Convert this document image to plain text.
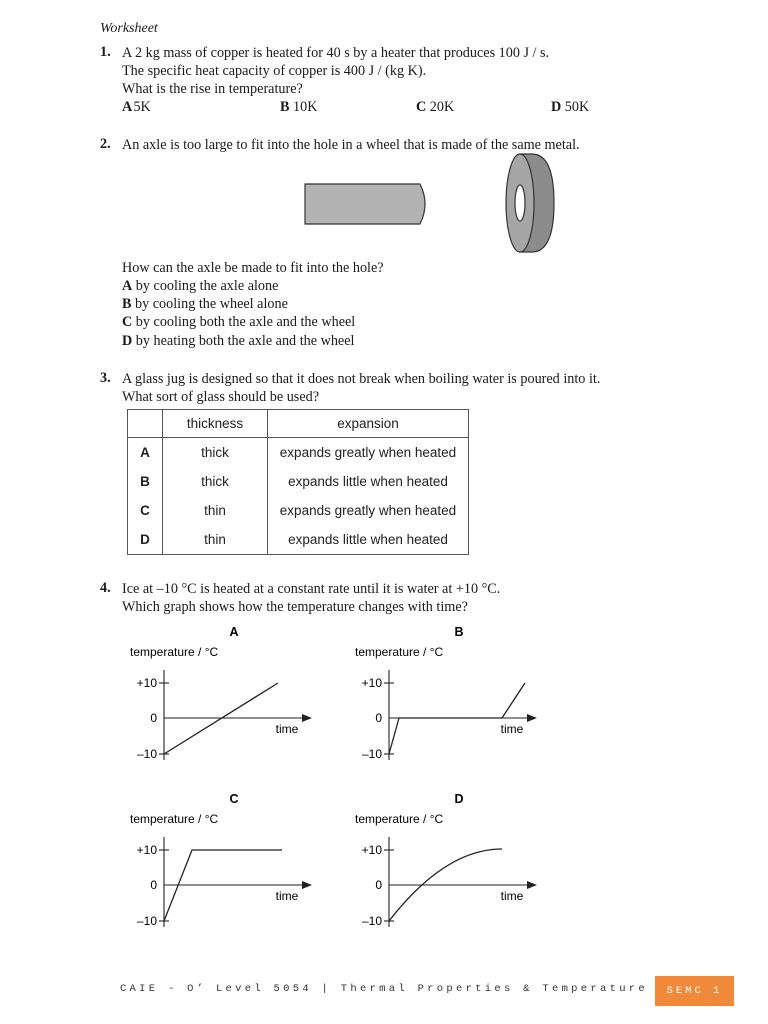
Worksheet
1. A 2 kg mass of copper is heated for 40 s by a heater that produces 100 J / s.
The specific heat capacity of copper is 400 J / (kg K).
What is the rise in temperature?
A 5K	B 10K	C 20K	D 50K
2. An axle is too large to fit into the hole in a wheel that is made of the same metal.
How can the axle be made to fit into the hole?
A by cooling the axle alone
B by cooling the wheel alone
C by cooling both the axle and the wheel
D by heating both the axle and the wheel
3. A glass jug is designed so that it does not break when boiling water is poured into it.
What sort of glass should be used?
	thickness	expansion
A	thick	expands greatly when heated
B	thick	expands little when heated
C	thin	expands greatly when heated
D	thin	expands little when heated
4. Ice at –10 °C is heated at a constant rate until it is water at +10 °C.
Which graph shows how the temperature changes with time?
A
temperature / °C
+10
0
–10
time
B
temperature / °C
+10
0
–10
time
C
temperature / °C
+10
0
–10
time
D
temperature / °C
+10
0
–10
time
CAIE - O’ Level 5054 | Thermal Properties & Temperature	SEMC 1
